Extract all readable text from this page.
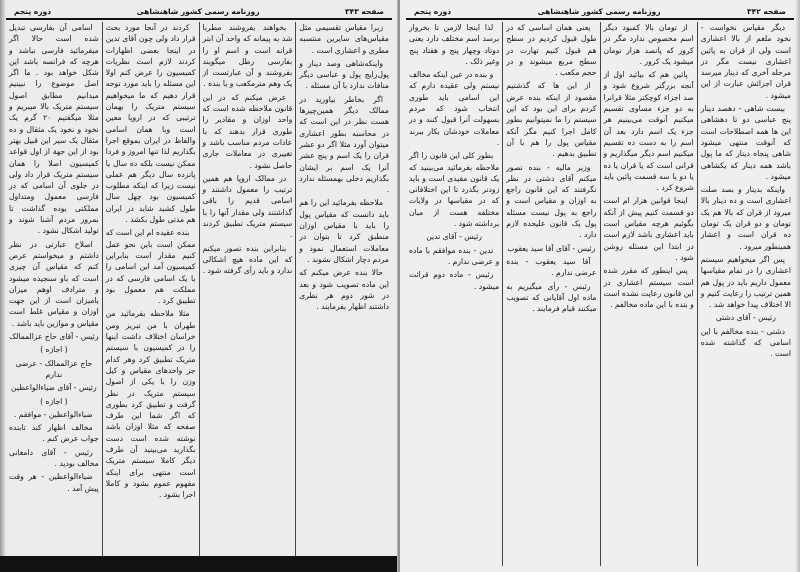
صفحه ۳۴۳
روزنامه رسمی کشور شاهنشاهی
دوره پنجم

زیرا مقیاس تقسیمی مثل مقیاس‌های سایرین منتسبه مطری و اعشاری است .

واینکه‌شاهی وصد دینار و پول‌رایج پول و عباسی دیگر منافات ندارد با آن مسئله .

اگر بخاطر بیاورید در ممالک دیگر همین‌چیزها هست نظر در این است که در محاسبه بطور اعشاری میتوان آورد مثلا اگر دو عشر قران را یک اسم و پنج عشر آنرا یک اسم بر ایشان بگذاریم دخلی بهمسئله ندارد .

ملاحظه بفرمائید این را هم باید دانست که مقیاس پول را باید با مقیاس اوزان منطبق کرد تا بتوان در معاملات استعمال نمود و مردم دچار اشکال نشوند .

حالا بنده عرض میکنم که این ماده تصویب شود و بعد در شور دوم هر نظری داشتند اظهار بفرمایند .

بخواهند بفروشند مطربا شد به پیمانه که واحد آن ابتر قرانه است و اسم او را بفارسی رطل میگویند بفروشند و آن عبارتست از یک وهم مترمکعب و یا بنده .

عرض میکنم که در این قانون ملاحظه شده است که واحد اوزان و مقادیر را طوری قرار بدهند که با عادات مردم مناسب باشد و تغییری در معاملات جاری حاصل نشود .

در ممالک اروپا هم همین ترتیب را معمول داشتند و اسامی قدیم را باقی گذاشتند ولی مقدار آنها را با سیستم متریک تطبیق کردند .

بنابراین بنده تصور میکنم که این ماده هیچ اشکالی ندارد و باید رأی گرفته شود .

کردند در آنجا مورد بحث قرار داد ولی چون آقای تدین در اینجا بعضی اظهارات کردند لازم است نظریات کمیسیون را عرض کنم اولا این مسئله را باید مورد توجه قرار دهیم که ما میخواهیم سیستم متریک را بهمان ترتیبی که در اروپا معین است وبا همان اسامی والفاظ در ایران بموقع اجرا بگذاریم لذا تنها امروز و فردا ممکن نیست بلکه ده سال یا پانزده سال دیگر هم عملی نیست زیرا که اینکه مطلوب کمیسیون بود چهل سال طول کشید شاید در ایران هم مدتی طول بکشد .

بنده عقیده ام این است که ممکن است باین نحو عمل کنیم مقدار است بنابراین کمیسیون آمد این اسامی را با یک اسامی فارسی که در مملکت هم معمول بود تطبیق کرد .

مثلا ملاحظه بفرمائید من طهران با من تبریز ومن خراسان اختلاف داشت اینها را در کمیسیون با سیستم متریک تطبیق کرد وهر کدام جز واحدهای مقیاس و کیل وزن را با یکی از اصول سیستم متریک در نظر گرفت و تطبیق کرد بطوری که اگر شما این طرف صفحه که مثلا اوزان باشد نوشته شده است دست بگذارید می‌بینید آن طرف دیگر کاملا سیستم متریک است منتهی برای اینکه مفهوم عموم بشود و کاملا اجرا بشود .

اسامی آن بفارسی تبدیل شده است حالا اگر میفرمائید فارسی نباشد و هرچه که فرانسه باشد این شکل خواهد بود . ما اگر اصل موضوع را نبینیم میدانیم مطابق اصول سیستم متریک بالا میبریم و مثلا میگفتیم ۲۰ گرم یک نخود و نخود یک مثقال و ده مثقال یک سیر این قبیل بهتر بود از این جهة از اول قواعد کمیسیون اصلا را همان سیستم متریک قرار داد ولی در جلوی آن اسامی که در فارسی معمول ومتداول مملکتی بوده گذاشت تا بمرور مردم آشنا شوند و تولید اشکال نشود .

اصلاح عبارتی در نظر داشتم و میخواستم عرض کنم که مقیاس آن چیزی است که باو سنجیده میشود و مترادف اوهم میزان یامیزان است از این جهت اوزان و مقیاس غلط است مقیاس و موازین باید باشد .

رئیس - آقای حاج عزالممالک

( اجازه )

حاج عزالممالک - عرضی ندارم

رئیس - آقای ضیاءالواعظین

( اجازه )

ضیاءالواعظین - موافقم .

مخالف اظهار کند تابنده جواب عرض کنم .

رئیس - آقای دامغانی مخالف بودید .

ضیاءالواعظین - هر وقت پیش آمد .

صفحه ۳۴۲
روزنامه رسمی کشور شاهنشاهی
دوره پنجم

دیگر مقیاس نخواست - نخود ملغم از بالا اعشاری است ولی از قران به پائین اعشاری نیست مگر در مرحله آخری که دینار میرسد قران اجزائش عبارت از این میشود .

بیست شاهی - دهصد دینار پنج عباسی دو تا دهشاهی این ها همه اصطلاحات است که آنوقت منتهی میشود شاهی پنجاه دینار که ما پول باشد همه دینار که یکشاهی میشود .

واینکه بدینار و بصد صلت اعشاری است و ده دینار بالا میرود از قران که بالا هم یک تومان و دو قران یک تومان ده قران است و اعشار همینطور میرود .

پس اگر میخواهیم سیستم اعشاری را در تمام مقیاسها معمول داریم باید در پول هم همین ترتیب را رعایت کنیم و الا اختلاف پیدا خواهد شد .

رئیس - آقای دشتی

دشتی - بنده مخالفم با این اسامی که گذاشته شده است .

از تومان بالا کمبود دیگر اسم مخصوص ندارد مگر در کرور که پانصد هزار تومان میشود یک کرور .

پائین هم که بیائید اول از آنجه بزرگتر شروع شود و صد اجزاء کوچکتر مثلا قرانرا به دو جزء مساوی تقسیم میکنیم آنوقت می‌بینیم هر جزء یک اسم دارد بعد آن اسم را به دست ده تقسیم میکنیم اسم دیگر میگذاریم و قرانی است که یا قران یا ده یا دو یا سه قسمت پائین باید شروع کرد .

اینجا قوانین هزار ام است دو قسمت کنیم پیش از آنکه بگوئیم هرچه مقیاس است باید اعشاری باشد لازم است در ابتدا این مسئله روشن شود .

پس اینطور که مقرر شده است سیستم اعشاری در این قانون رعایت نشده است و بنده با این ماده مخالفم .

یعنی همان اساسی که در طول قبول کردیم در سطح هم قبول کنیم تهارت در سطح مربع میشوند و در حجم مکعب .

از این ها که گذشتیم مقصود از اینکه بنده عرض کردم برای این بود که این سیستم را ما نمیتوانیم بطور کامل اجرا کنیم مگر آنکه مقیاس پول را هم با آن تطبیق بدهیم .

وزیر مالیه - بنده تصور میکنم آقای دشتی در نظر نگرفتند که این قانون راجع به اوزان و مقیاس است و راجع به پول نیست مسئله پول یک قانون علیحده لازم دارد .

رئیس - آقای آقا سید یعقوب

آقا سید یعقوب - بنده عرضی ندارم .

رئیس - رأی میگیریم به ماده اول آقایانی که تصویب میکنند قیام فرمایند .

لذا اینجا لازمن تا بخروار برسد اسم مختلف دارد یعنی دوتاد وچهار پنج و هفتاد پنج وغیر ذلک .

و بنده در عین اینکه مخالف نیستم ولی عقیده دارم که این اسامی باید طوری انتخاب شود که مردم بسهولت آنرا قبول کنند و در معاملات خودشان بکار ببرند .

بطور کلی این قانون را اگر ملاحظه بفرمائید می‌بینید که یک قانون مفیدی است و باید زودتر بگذرد تا این اختلافاتی که در مقیاسها در ولایات مختلفه هست از میان برداشته شود .

رئیس - آقای تدین

تدین - بنده موافقم با ماده و عرضی ندارم .

رئیس - ماده دوم قرائت میشود .
